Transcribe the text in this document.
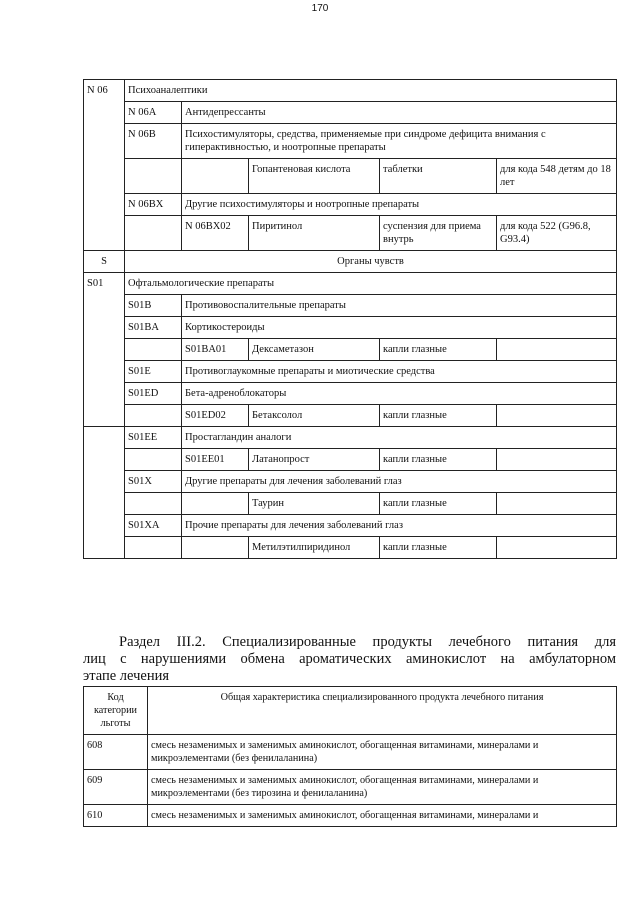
170
N 06	Психоаналептики				
	N 06A	Антидепрессанты			
	N 06B	Психостимуляторы, средства, применяемые при синдроме дефицита внимания с гиперактивностью, и ноотропные препараты			
			Гопантеновая кислота	таблетки	для кода 548 детям до 18 лет
	N 06BX	Другие психостимуляторы и ноотропные препараты			
		N 06BX02	Пиритинол	суспензия для приема внутрь	для кода 522 (G96.8, G93.4)
S	Органы чувств				
S01	Офтальмологические препараты				
	S01B	Противовоспалительные препараты			
	S01BA	Кортикостероиды			
		S01BA01	Дексаметазон	капли глазные	
	S01E	Противоглаукомные препараты и миотические средства			
	S01ED	Бета-адреноблокаторы			
		S01ED02	Бетаксолол	капли глазные	
	S01EE	Простагландин аналоги			
		S01EE01	Латанопрост	капли глазные	
	S01X	Другие препараты для лечения заболеваний глаз			
			Таурин	капли глазные	
	S01XA	Прочие препараты для лечения заболеваний глаз			
			Метилэтилпиридинол	капли глазные	

Раздел III.2. Специализированные продукты лечебного питания для

лиц с нарушениями обмена ароматических аминокислот на амбулаторном

этапе лечения

Код категории льготы	Общая характеристика специализированного продукта лечебного питания
608	смесь незаменимых и заменимых аминокислот, обогащенная витаминами, минералами и микроэлементами (без фенилаланина)
609	смесь незаменимых и заменимых аминокислот, обогащенная витаминами, минералами и микроэлементами (без тирозина и фенилаланина)
610	смесь незаменимых и заменимых аминокислот, обогащенная витаминами, минералами и
